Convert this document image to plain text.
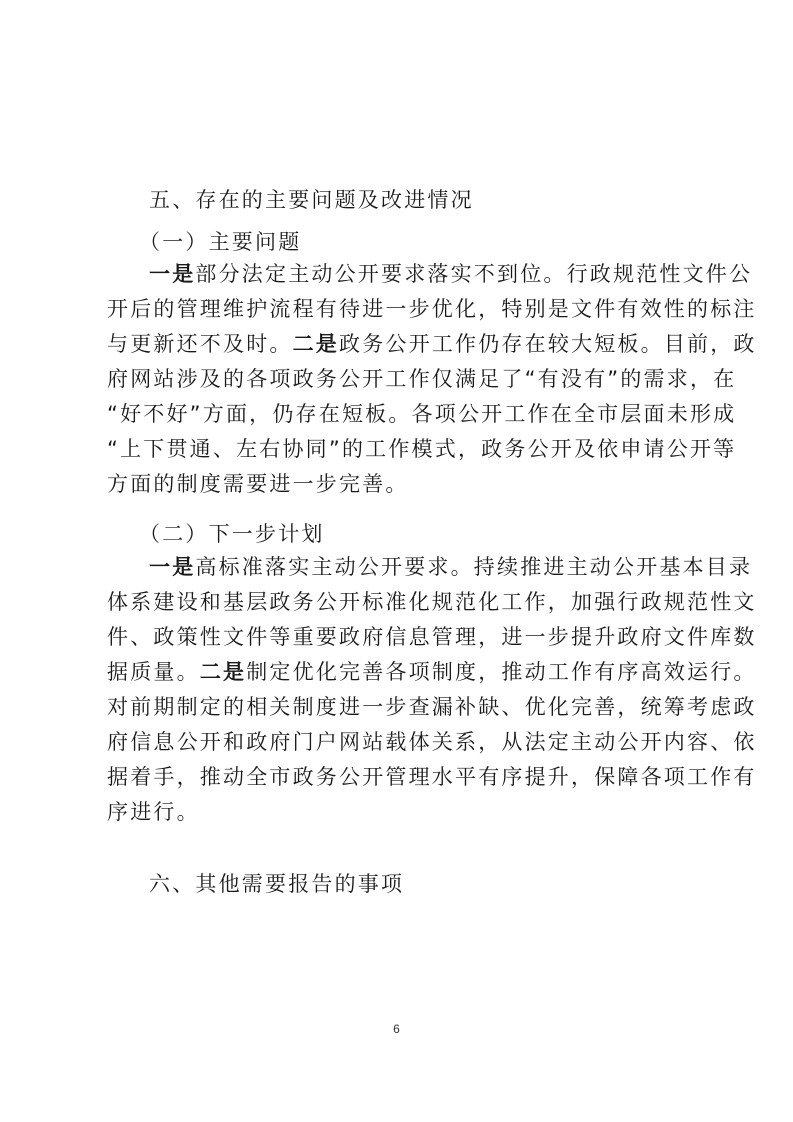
五、存在的主要问题及改进情况
（一）主要问题
一是部分法定主动公开要求落实不到位。行政规范性文件公
开后的管理维护流程有待进一步优化，特别是文件有效性的标注
与更新还不及时。二是政务公开工作仍存在较大短板。目前，政
府网站涉及的各项政务公开工作仅满足了“有没有”的需求，在
“好不好”方面，仍存在短板。各项公开工作在全市层面未形成
“上下贯通、左右协同”的工作模式，政务公开及依申请公开等
方面的制度需要进一步完善。
（二）下一步计划
一是高标准落实主动公开要求。持续推进主动公开基本目录
体系建设和基层政务公开标准化规范化工作，加强行政规范性文
件、政策性文件等重要政府信息管理，进一步提升政府文件库数
据质量。二是制定优化完善各项制度，推动工作有序高效运行。
对前期制定的相关制度进一步查漏补缺、优化完善，统筹考虑政
府信息公开和政府门户网站载体关系，从法定主动公开内容、依
据着手，推动全市政务公开管理水平有序提升，保障各项工作有
序进行。
六、其他需要报告的事项
6
